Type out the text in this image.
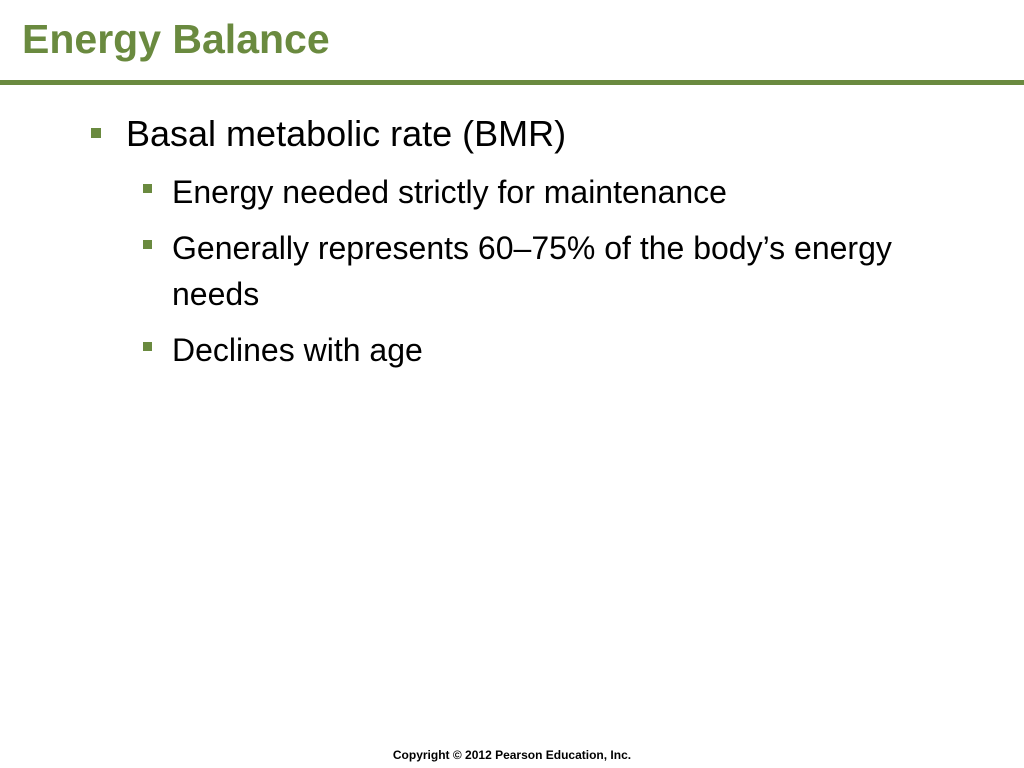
Energy Balance
Basal metabolic rate (BMR)
Energy needed strictly for maintenance
Generally represents 60–75% of the body’s energy needs
Declines with age
Copyright © 2012 Pearson Education, Inc.
